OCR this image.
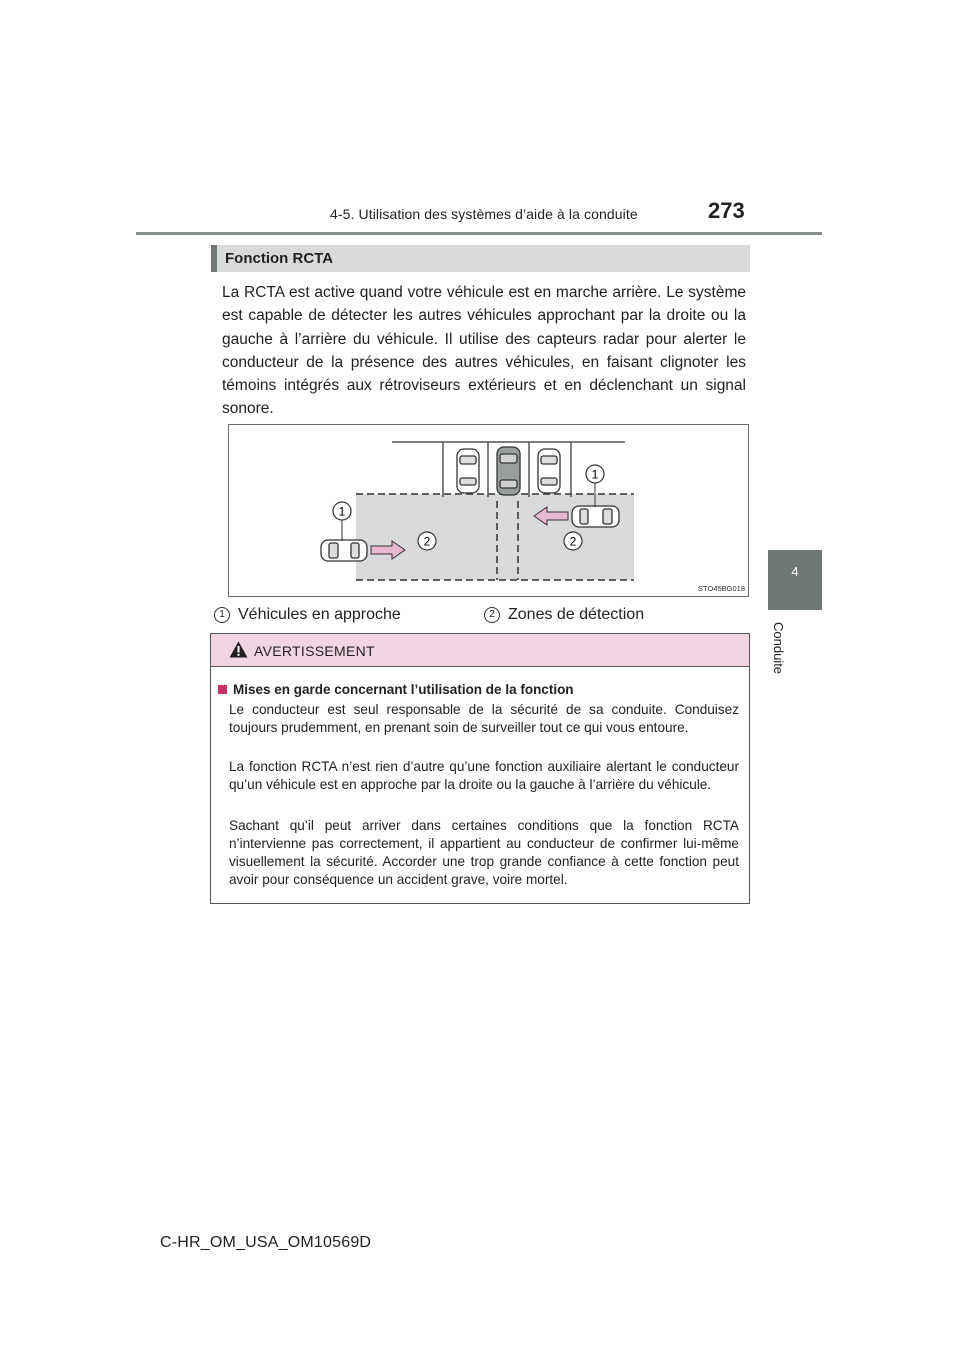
4-5. Utilisation des systèmes d’aide à la conduite	273
4
Conduite
Fonction RCTA
La RCTA est active quand votre véhicule est en marche arrière. Le système est capable de détecter les autres véhicules approchant par la droite ou la gauche à l’arrière du véhicule. Il utilise des capteurs radar pour alerter le conducteur de la présence des autres véhicules, en faisant clignoter les témoins intégrés aux rétroviseurs extérieurs et en déclenchant un signal sonore.
1
2
1
2
STO45BG018
1 Véhicules en approche	2 Zones de détection
AVERTISSEMENT
Mises en garde concernant l’utilisation de la fonction
Le conducteur est seul responsable de la sécurité de sa conduite. Conduisez toujours prudemment, en prenant soin de surveiller tout ce qui vous entoure.
La fonction RCTA n’est rien d’autre qu’une fonction auxiliaire alertant le conducteur qu’un véhicule est en approche par la droite ou la gauche à l’arrière du véhicule.
Sachant qu’il peut arriver dans certaines conditions que la fonction RCTA n’intervienne pas correctement, il appartient au conducteur de confirmer lui-même visuellement la sécurité. Accorder une trop grande confiance à cette fonction peut avoir pour conséquence un accident grave, voire mortel.
C-HR_OM_USA_OM10569D
